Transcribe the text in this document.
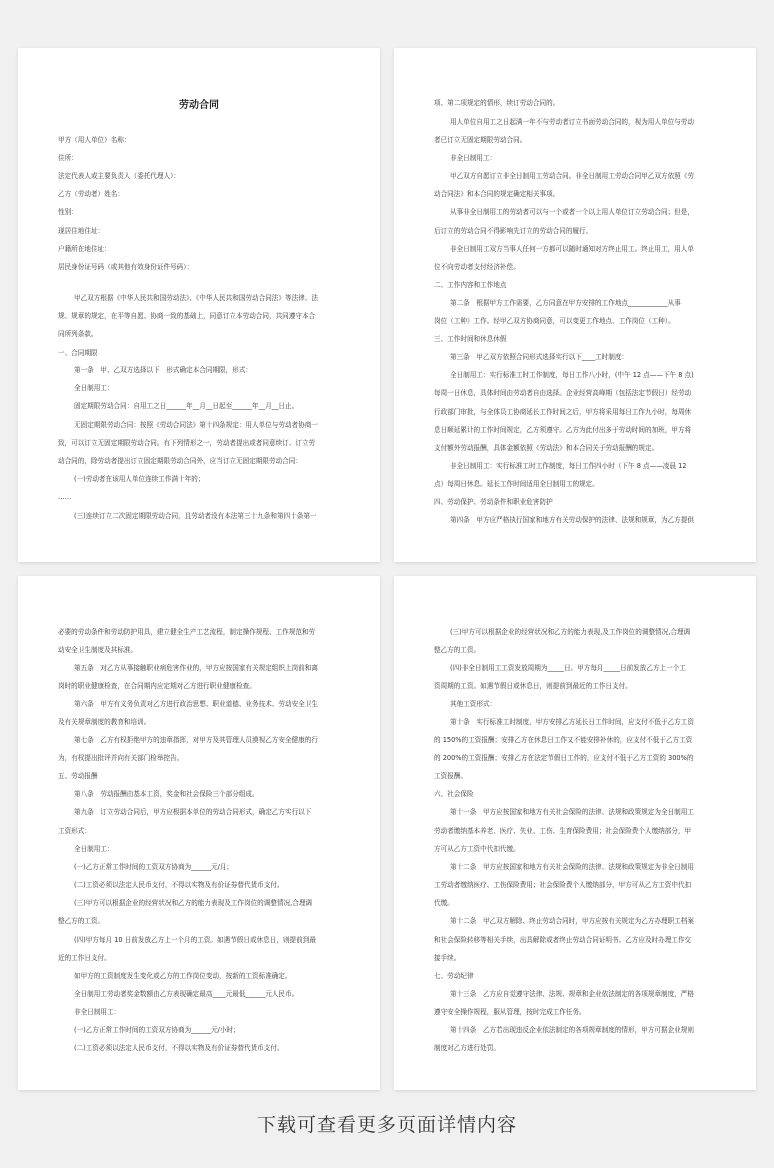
劳动合同
甲方（用人单位）名称：
住所：
法定代表人或主要负责人（委托代理人）：
乙方（劳动者）姓名：
性别：
现居住地住址：
户籍所在地住址：
居民身份证号码（或其他有效身份证件号码）：
甲乙双方根据《中华人民共和国劳动法》、《中华人民共和国劳动合同法》等法律、法
规、规章的规定，在平等自愿、协商一致的基础上，同意订立本劳动合同，共同遵守本合
同所列条款。
一、合同期限
第一条　甲、乙双方选择以下　形式确定本合同期限，形式：
全日制用工：
固定期限劳动合同：自用工之日______年__月__日起至______年__月__日止。
无固定期限劳动合同：按照《劳动合同法》第十四条规定：用人单位与劳动者协商一
致，可以订立无固定期限劳动合同。有下列情形之一，劳动者提出或者同意续订、订立劳
动合同的，除劳动者提出订立固定期限劳动合同外，应当订立无固定期限劳动合同：
(一)劳动者在该用人单位连续工作满十年的；
……
(三)连续订立二次固定期限劳动合同，且劳动者没有本法第三十九条和第四十条第一
项、第二项规定的情形，续订劳动合同的。
用人单位自用工之日起满一年不与劳动者订立书面劳动合同的，视为用人单位与劳动
者已订立无固定期限劳动合同。
非全日制用工：
甲乙双方自愿订立非全日制用工劳动合同。非全日制用工劳动合同甲乙双方依照《劳
动合同法》和本合同的规定确定相关事项。
从事非全日制用工的劳动者可以与一个或者一个以上用人单位订立劳动合同；但是，
后订立的劳动合同不得影响先订立的劳动合同的履行。
非全日制用工双方当事人任何一方都可以随时通知对方终止用工。终止用工，用人单
位不向劳动者支付经济补偿。
二、工作内容和工作地点
第二条　根据甲方工作需要，乙方同意在甲方安排的工作地点____________从事
岗位（工种）工作。经甲乙双方协商同意，可以变更工作地点、工作岗位（工种）。
三、工作时间和休息休假
第三条　甲乙双方依照合同形式选择实行以下____工时制度：
全日制用工：实行标准工时工作制度，每日工作八小时，(中午 12 点——下午 8 点)
每周一日休息，具体时间由劳动者自由选择。企业经营高峰期（包括法定节假日）经劳动
行政部门审批，与全体员工协商延长工作时间之后，甲方将采用每日工作九小时，每周休
息日顺延累计的工作时间规定，乙方须遵守。乙方为此付出多于劳动时间的加班，甲方将
支付额外劳动报酬，具体金额依照《劳动法》和本合同关于劳动报酬的规定。
非全日制用工：实行标准工时工作制度，每日工作四小时（下午 8 点——凌晨 12
点）每周日休息。延长工作时间适用全日制用工的规定。
四、劳动保护、劳动条件和职业危害防护
第四条　甲方应严格执行国家和地方有关劳动保护的法律、法规和规章，为乙方提供
必要的劳动条件和劳动防护用具，建立健全生产工艺流程，制定操作规程、工作规范和劳
动安全卫生制度及其标准。
第五条　对乙方从事接触职业病危害作业的，甲方应按国家有关规定组织上岗前和离
岗时的职业健康检查，在合同期内应定期对乙方进行职业健康检查。
第六条　甲方有义务负责对乙方进行政治思想、职业道德、业务技术、劳动安全卫生
及有关规章制度的教育和培训。
第七条　乙方有权拒绝甲方的违章指挥，对甲方及其管理人员漠视乙方安全健康的行
为，有权提出批评并向有关部门检举控告。
五、劳动报酬
第八条　劳动报酬由基本工资，奖金和社会保险三个部分组成。
第九条　订立劳动合同后，甲方应根据本单位的劳动合同形式，确定乙方实行以下
工资形式：
全日制用工：
(一)乙方正常工作时间的工资双方协商为______元/月；
(二)工资必须以法定人民币支付，不得以实物及有价证券替代货币支付。
(三)甲方可以根据企业的经营状况和乙方的能力表现及工作岗位的调整情况,合理调
整乙方的工资。
(四)甲方每月 10 日前发放乙方上一个月的工资。如遇节假日或休息日，则提前到最
近的工作日支付。
如甲方的工资制度发生变化或乙方的工作岗位变动，按新的工资标准确定。
全日制用工劳动者奖金数额由乙方表现确定最高____元最低______元人民币。
非全日制用工：
(一)乙方正常工作时间的工资双方协商为______元/小时；
(二)工资必须以法定人民币支付，不得以实物及有价证券替代货币支付。
(三)甲方可以根据企业的经营状况和乙方的能力表现,及工作岗位的调整情况,合理调
整乙方的工资。
(四)非全日制用工工资发放周期为_____日。甲方每月_____日前发放乙方上一个工
资周期的工资。如遇节假日或休息日，则提前到最近的工作日支付。
其他工资形式：
第十条　实行标准工时制度，甲方安排乙方延长日工作时间，应支付不低于乙方工资
的 150%的工资报酬；安排乙方在休息日工作又不能安排补休的，应支付不低于乙方工资
的 200%的工资报酬；安排乙方在法定节假日工作的，应支付不低于乙方工资的 300%的
工资报酬。
六、社会保险
第十一条　甲方应按国家和地方有关社会保险的法律、法规和政策规定为全日制用工
劳动者缴纳基本养老、医疗、失业、工伤、生育保险费用；社会保险费个人缴纳部分，甲
方可从乙方工资中代扣代缴。
第十二条　甲方应按国家和地方有关社会保险的法律、法规和政策规定为非全日制用
工劳动者缴纳医疗、工伤保险费用；社会保险费个人缴纳部分，甲方可从乙方工资中代扣
代缴。
第十二条　甲乙双方解除、终止劳动合同时，甲方应按有关规定为乙方办理职工档案
和社会保险转移等相关手续，出具解除或者终止劳动合同证明书。乙方应及时办理工作交
接手续。
七、劳动纪律
第十三条　乙方应自觉遵守法律、法规、规章和企业依法制定的各项规章制度，严格
遵守安全操作规程，服从管理，按时完成工作任务。
第十四条　乙方若出现违反企业依法制定的各项规章制度的情形，甲方可据企业规则
制度对乙方进行处罚。
下载可查看更多页面详情内容
